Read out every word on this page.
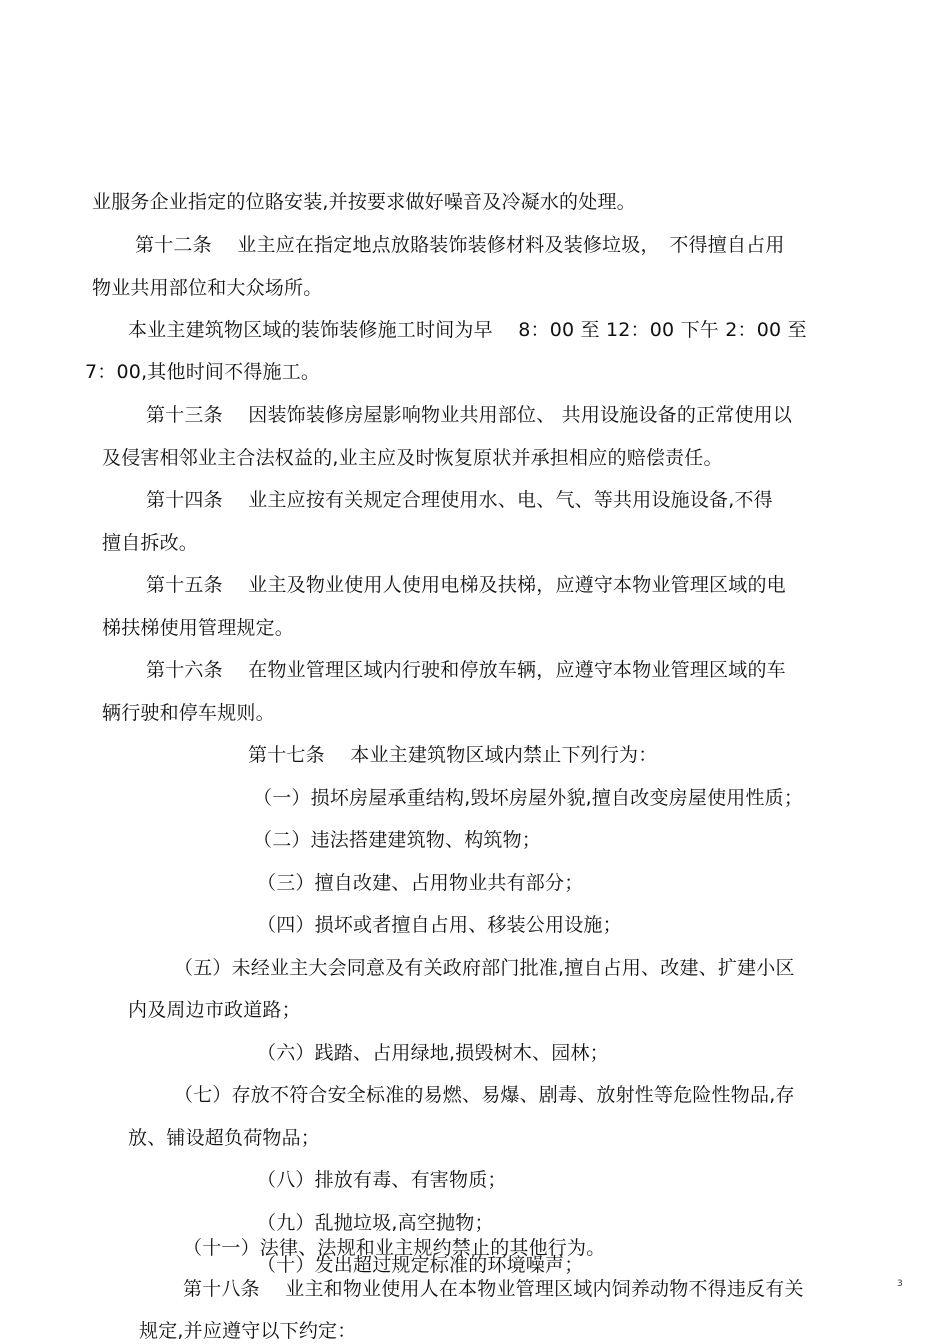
业服务企业指定的位賂安装,并按要求做好噪音及冷凝水的处理。
第十二条　 业主应在指定地点放賂装饰装修材料及装修垃圾，　不得擅自占用
物业共用部位和大众场所。
本业主建筑物区域的装饰装修施工时间为早　 8：00 至 12：00 下午 2：00 至
7：00,其他时间不得施工。
第十三条　 因装饰装修房屋影响物业共用部位、 共用设施设备的正常使用以
及侵害相邻业主合法权益的,业主应及时恢复原状并承担相应的赔偿责任。
第十四条　 业主应按有关规定合理使用水、电、气、等共用设施设备,不得
擅自拆改。
第十五条　 业主及物业使用人使用电梯及扶梯，应遵守本物业管理区域的电
梯扶梯使用管理规定。
第十六条　 在物业管理区域内行驶和停放车辆，应遵守本物业管理区域的车
辆行驶和停车规则。
第十七条　 本业主建筑物区域内禁止下列行为：
（一）损坏房屋承重结构,毁坏房屋外貌,擅自改变房屋使用性质；
（二）违法搭建建筑物、构筑物；
（三）擅自改建、占用物业共有部分；
（四）损坏或者擅自占用、移装公用设施；
（五）未经业主大会同意及有关政府部门批准,擅自占用、改建、扩建小区
内及周边市政道路；
（六）践踏、占用绿地,损毁树木、园林；
（七）存放不符合安全标准的易燃、易爆、剧毒、放射性等危险性物品,存
放、铺设超负荷物品；
（八）排放有毒、有害物质；
（九）乱抛垃圾,高空抛物；
（十一）法律、法规和业主规约禁止的其他行为。
（十）发出超过规定标准的环境噪声；
第十八条　 业主和物业使用人在本物业管理区域内饲养动物不得违反有关
规定,并应遵守以下约定：
3
